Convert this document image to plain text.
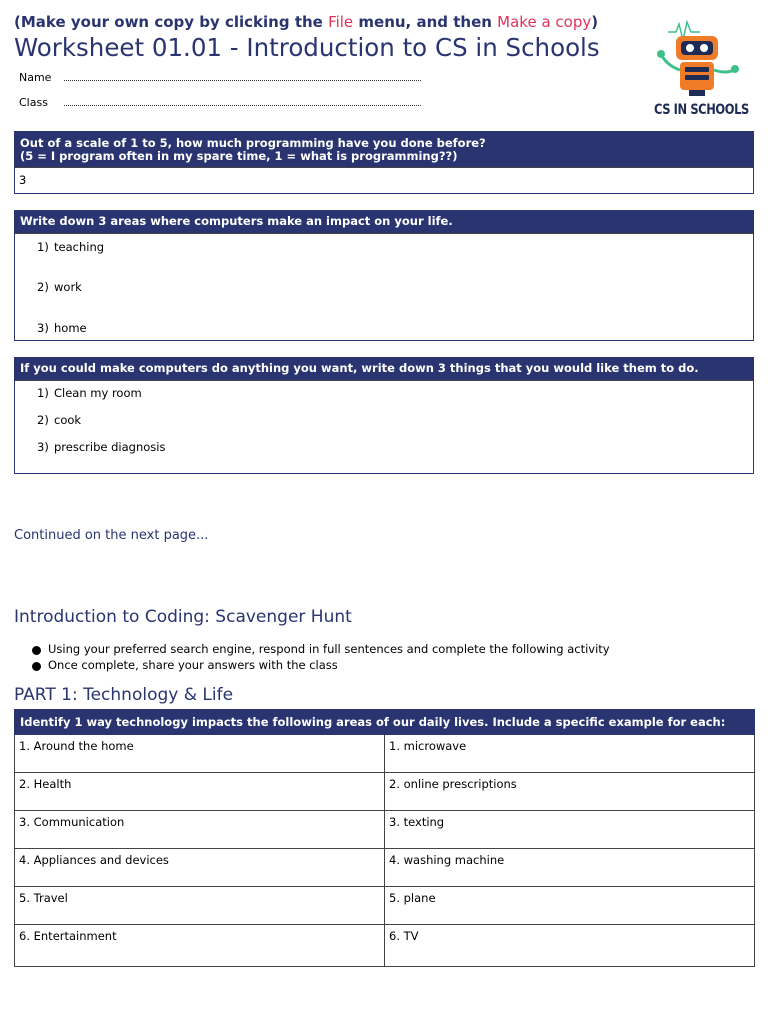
(Make your own copy by clicking the File menu, and then Make a copy)
Worksheet 01.01 - Introduction to CS in Schools
Name
Class	CS IN SCHOOLS
Out of a scale of 1 to 5, how much programming have you done before?
(5 = I program often in my spare time, 1 = what is programming??)
3
Write down 3 areas where computers make an impact on your life.
1) teaching
2) work
3) home
If you could make computers do anything you want, write down 3 things that you would like them to do.
1) Clean my room
2) cook
3) prescribe diagnosis
Continued on the next page...
Introduction to Coding: Scavenger Hunt
Using your preferred search engine, respond in full sentences and complete the following activity
Once complete, share your answers with the class
PART 1: Technology & Life
Identify 1 way technology impacts the following areas of our daily lives. Include a specific example for each:	
1. Around the home	1. microwave
2. Health	2. online prescriptions
3. Communication	3. texting
4. Appliances and devices	4. washing machine
5. Travel	5. plane
6. Entertainment	6. TV
